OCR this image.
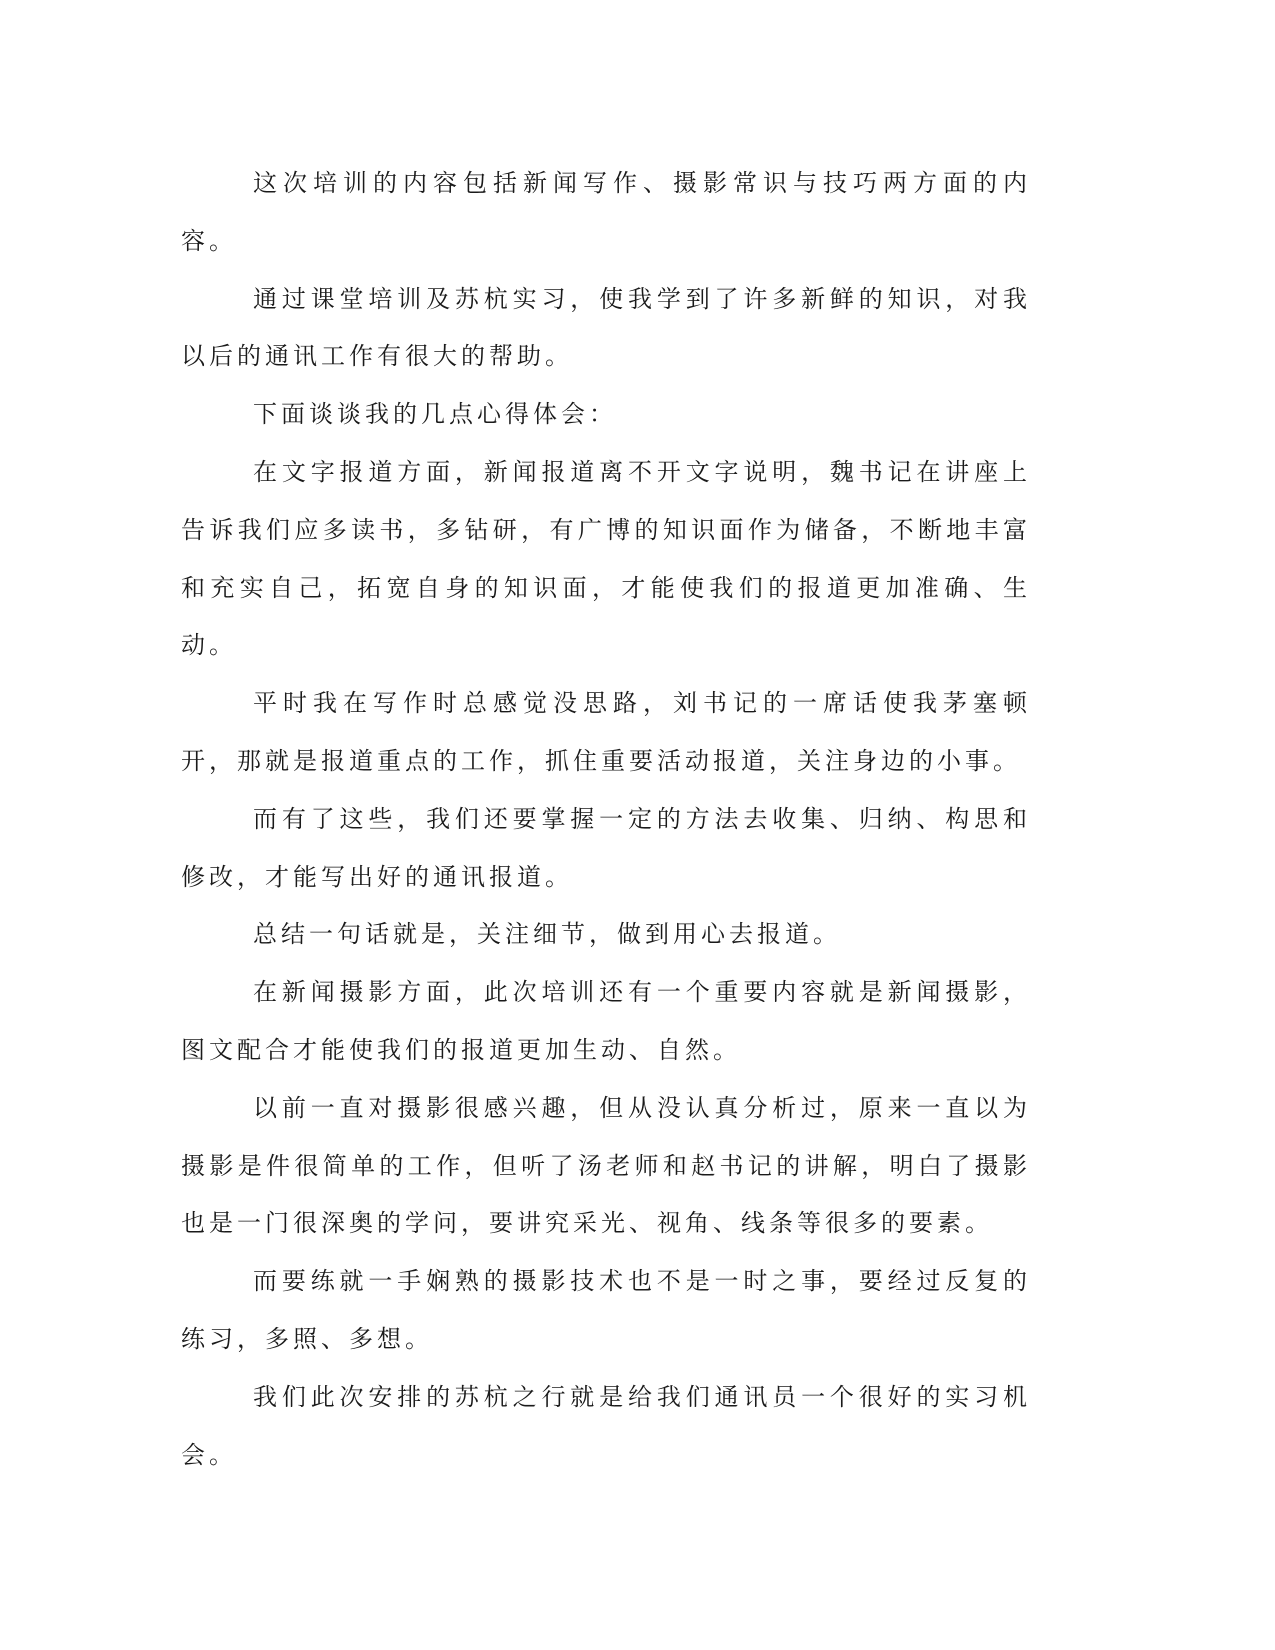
这次培训的内容包括新闻写作、摄影常识与技巧两方面的内容。

通过课堂培训及苏杭实习，使我学到了许多新鲜的知识，对我以后的通讯工作有很大的帮助。

下面谈谈我的几点心得体会：

在文字报道方面，新闻报道离不开文字说明，魏书记在讲座上告诉我们应多读书，多钻研，有广博的知识面作为储备，不断地丰富和充实自己，拓宽自身的知识面，才能使我们的报道更加准确、生动。

平时我在写作时总感觉没思路，刘书记的一席话使我茅塞顿开，那就是报道重点的工作，抓住重要活动报道，关注身边的小事。

而有了这些，我们还要掌握一定的方法去收集、归纳、构思和修改，才能写出好的通讯报道。

总结一句话就是，关注细节，做到用心去报道。

在新闻摄影方面，此次培训还有一个重要内容就是新闻摄影，图文配合才能使我们的报道更加生动、自然。

以前一直对摄影很感兴趣，但从没认真分析过，原来一直以为摄影是件很简单的工作，但听了汤老师和赵书记的讲解，明白了摄影也是一门很深奥的学问，要讲究采光、视角、线条等很多的要素。

而要练就一手娴熟的摄影技术也不是一时之事，要经过反复的练习，多照、多想。

我们此次安排的苏杭之行就是给我们通讯员一个很好的实习机会。
